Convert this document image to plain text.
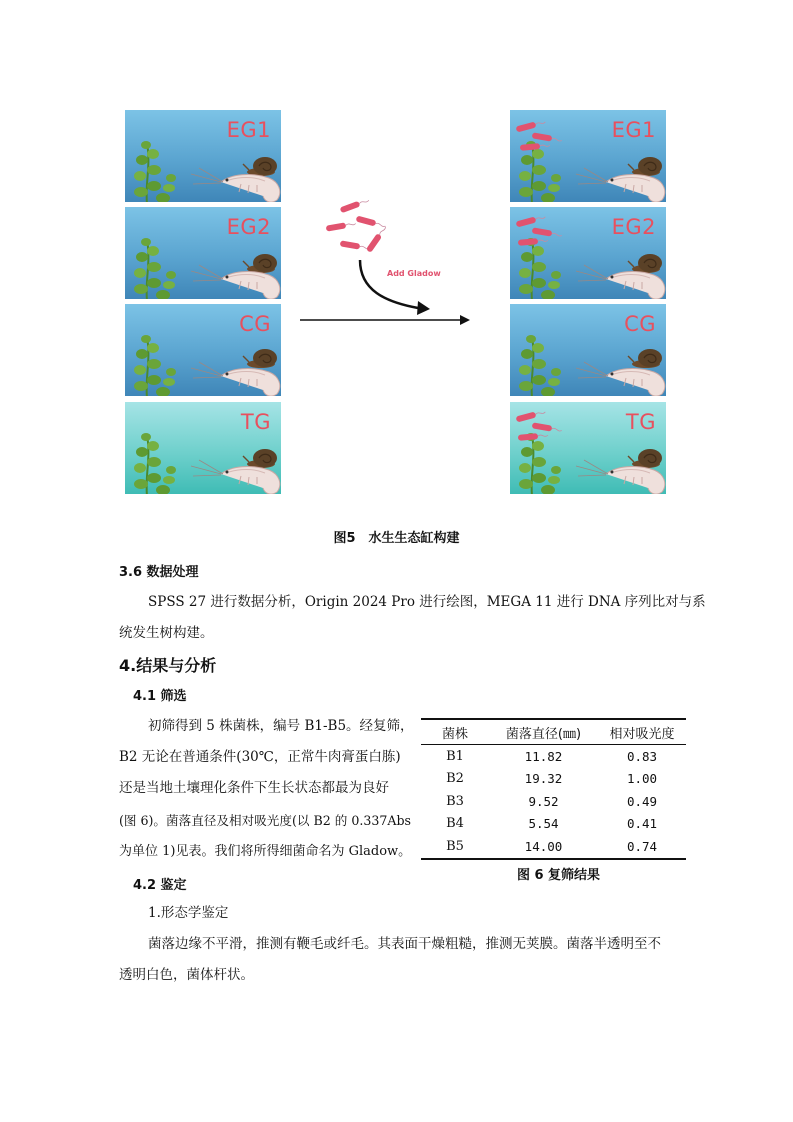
EG1
EG2
CG
TG
Add Gladow
EG1
EG2
CG
TG
图5　水生生态缸构建
3.6 数据处理
SPSS 27 进行数据分析，Origin 2024 Pro 进行绘图，MEGA 11 进行 DNA 序列比对与系
统发生树构建。
4.结果与分析
4.1 筛选
初筛得到 5 株菌株，编号 B1-B5。经复筛，
B2 无论在普通条件(30℃，正常牛肉膏蛋白胨)
还是当地土壤理化条件下生长状态都最为良好
(图 6)。菌落直径及相对吸光度(以 B2 的 0.337Abs
为单位 1)见表。我们将所得细菌命名为 Gladow。
菌株	菌落直径(㎜)	相对吸光度
B1	11.82	0.83
B2	19.32	1.00
B3	9.52	0.49
B4	5.54	0.41
B5	14.00	0.74
图 6 复筛结果
4.2 鉴定
1.形态学鉴定
菌落边缘不平滑，推测有鞭毛或纤毛。其表面干燥粗糙，推测无荚膜。菌落半透明至不
透明白色，菌体杆状。
